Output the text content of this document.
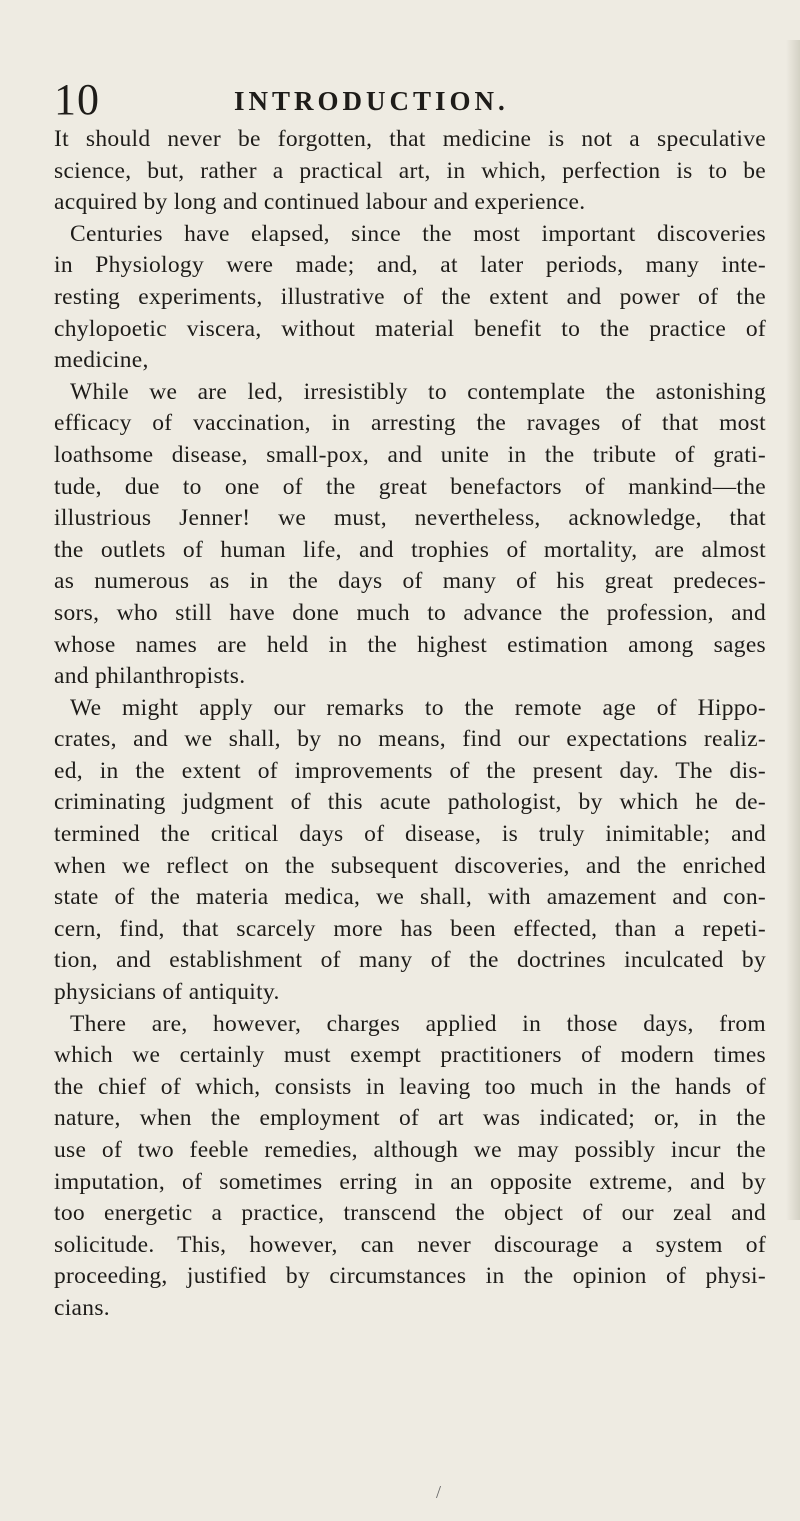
10	INTRODUCTION.
It should never be forgotten, that medicine is not a speculative
science, but, rather a practical art, in which, perfection is to be
acquired by long and continued labour and experience.
Centuries have elapsed, since the most important discoveries
in Physiology were made; and, at later periods, many inte-
resting experiments, illustrative of the extent and power of the
chylopoetic viscera, without material benefit to the practice of
medicine,
While we are led, irresistibly to contemplate the astonishing
efficacy of vaccination, in arresting the ravages of that most
loathsome disease, small-pox, and unite in the tribute of grati-
tude, due to one of the great benefactors of mankind—the
illustrious Jenner! we must, nevertheless, acknowledge, that
the outlets of human life, and trophies of mortality, are almost
as numerous as in the days of many of his great predeces-
sors, who still have done much to advance the profession, and
whose names are held in the highest estimation among sages
and philanthropists.
We might apply our remarks to the remote age of Hippo-
crates, and we shall, by no means, find our expectations realiz-
ed, in the extent of improvements of the present day. The dis-
criminating judgment of this acute pathologist, by which he de-
termined the critical days of disease, is truly inimitable; and
when we reflect on the subsequent discoveries, and the enriched
state of the materia medica, we shall, with amazement and con-
cern, find, that scarcely more has been effected, than a repeti-
tion, and establishment of many of the doctrines inculcated by
physicians of antiquity.
There are, however, charges applied in those days, from
which we certainly must exempt practitioners of modern times
the chief of which, consists in leaving too much in the hands of
nature, when the employment of art was indicated; or, in the
use of two feeble remedies, although we may possibly incur the
imputation, of sometimes erring in an opposite extreme, and by
too energetic a practice, transcend the object of our zeal and
solicitude. This, however, can never discourage a system of
proceeding, justified by circumstances in the opinion of physi-
cians.
/
